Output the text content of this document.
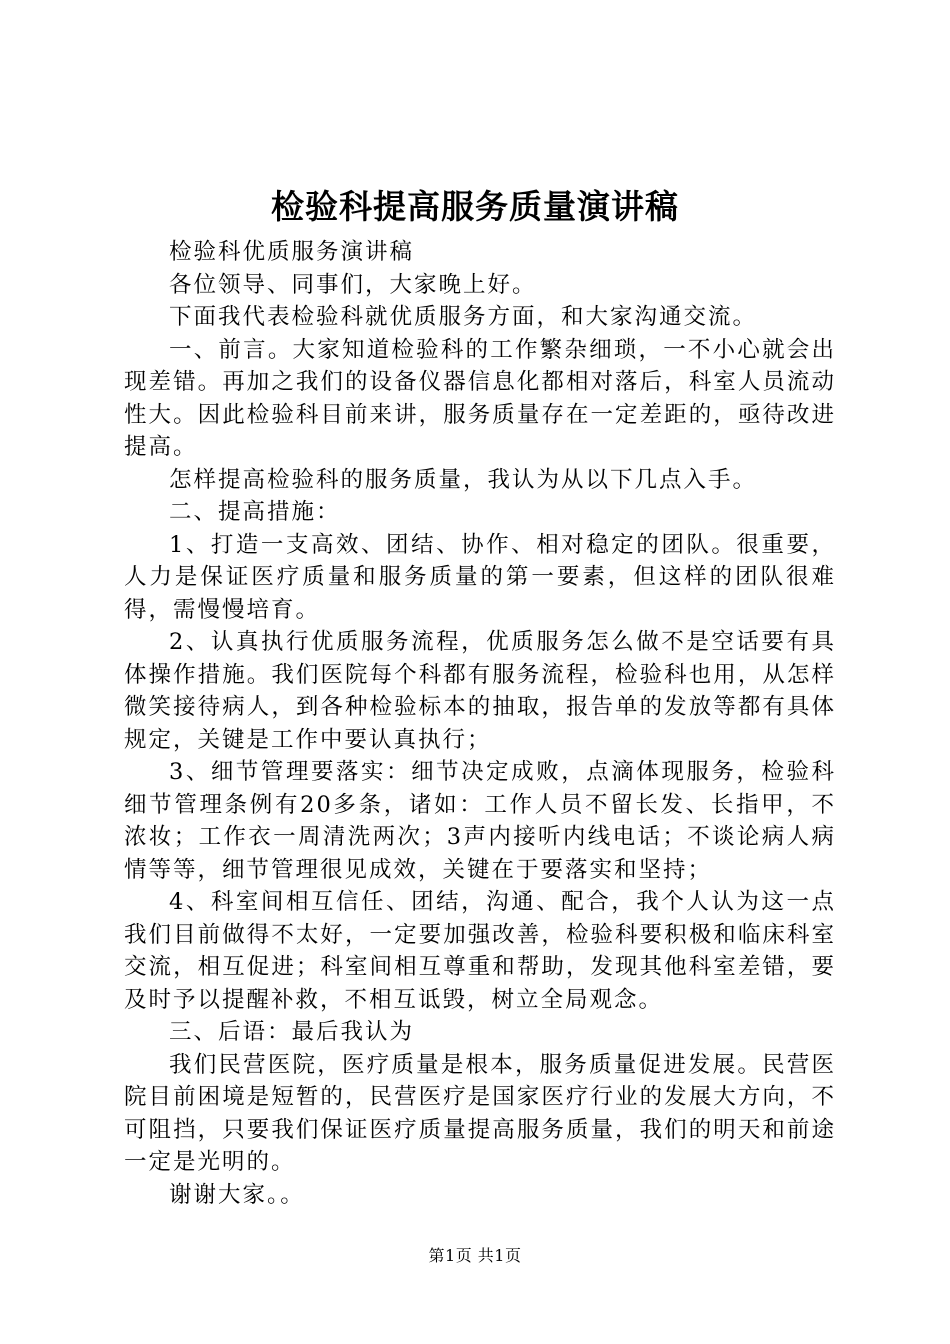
检验科提高服务质量演讲稿

检验科优质服务演讲稿

各位领导、同事们，大家晚上好。

下面我代表检验科就优质服务方面，和大家沟通交流。

一、前言。大家知道检验科的工作繁杂细琐，一不小心就会出现差错。再加之我们的设备仪器信息化都相对落后，科室人员流动性大。因此检验科目前来讲，服务质量存在一定差距的，亟待改进提高。

怎样提高检验科的服务质量，我认为从以下几点入手。

二、提高措施：

1、打造一支高效、团结、协作、相对稳定的团队。很重要，人力是保证医疗质量和服务质量的第一要素，但这样的团队很难得，需慢慢培育。

2、认真执行优质服务流程，优质服务怎么做不是空话要有具体操作措施。我们医院每个科都有服务流程，检验科也用，从怎样微笑接待病人，到各种检验标本的抽取，报告单的发放等都有具体规定，关键是工作中要认真执行；

3、细节管理要落实：细节决定成败，点滴体现服务，检验科细节管理条例有20多条，诸如：工作人员不留长发、长指甲，不浓妆；工作衣一周清洗两次；3声内接听内线电话；不谈论病人病情等等，细节管理很见成效，关键在于要落实和坚持；

4、科室间相互信任、团结，沟通、配合，我个人认为这一点我们目前做得不太好，一定要加强改善，检验科要积极和临床科室交流，相互促进；科室间相互尊重和帮助，发现其他科室差错，要及时予以提醒补救，不相互诋毁，树立全局观念。

三、后语：最后我认为

我们民营医院，医疗质量是根本，服务质量促进发展。民营医院目前困境是短暂的，民营医疗是国家医疗行业的发展大方向，不可阻挡，只要我们保证医疗质量提高服务质量，我们的明天和前途一定是光明的。

谢谢大家。。

第1页 共1页
